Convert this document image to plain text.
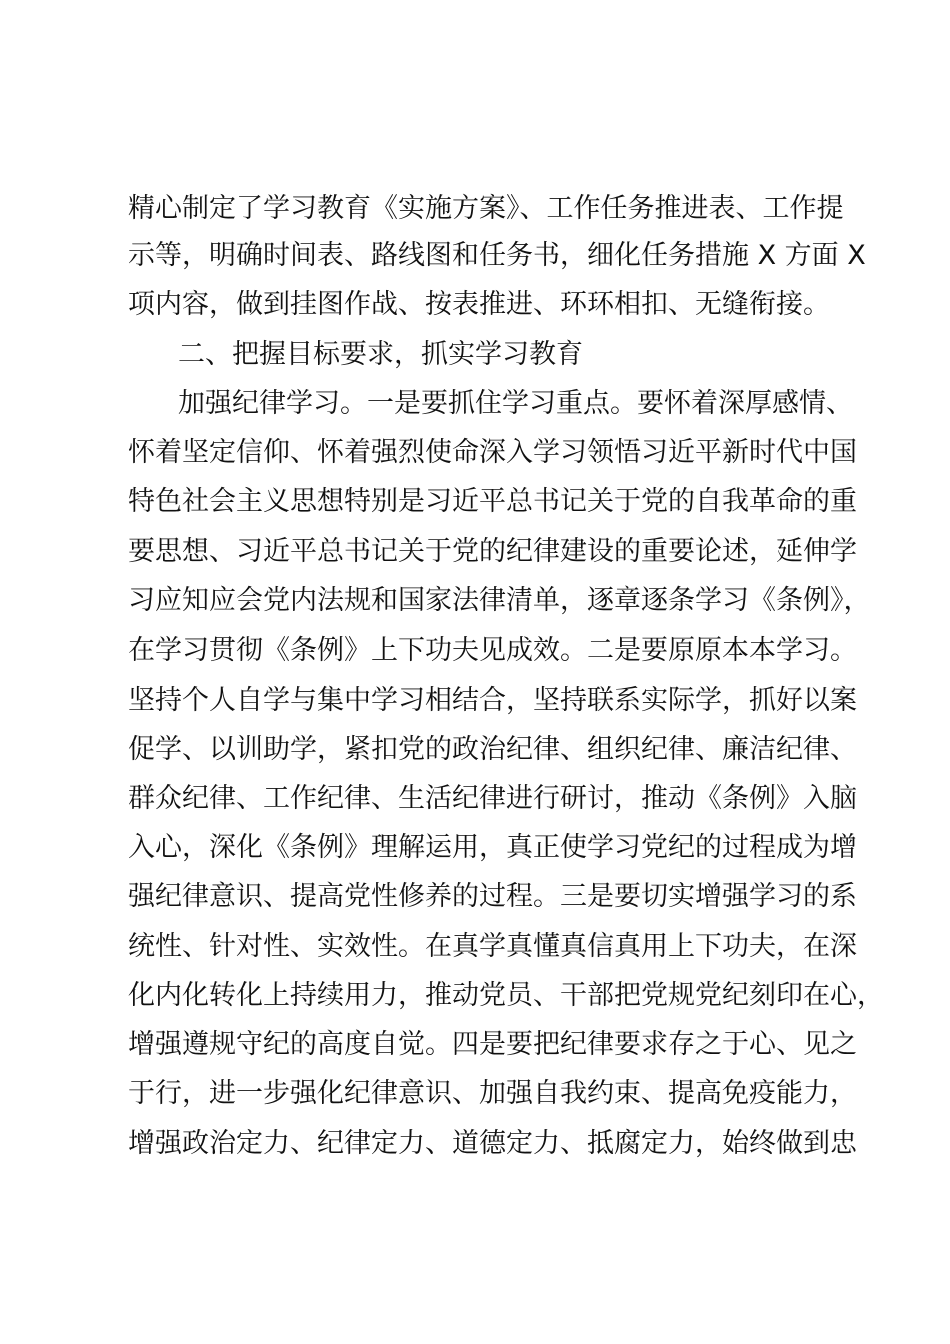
精心制定了学习教育《实施方案》、工作任务推进表、工作提
示等，明确时间表、路线图和任务书，细化任务措施 X 方面 X
项内容，做到挂图作战、按表推进、环环相扣、无缝衔接。
二、把握目标要求，抓实学习教育
加强纪律学习。一是要抓住学习重点。要怀着深厚感情、
怀着坚定信仰、怀着强烈使命深入学习领悟习近平新时代中国
特色社会主义思想特别是习近平总书记关于党的自我革命的重
要思想、习近平总书记关于党的纪律建设的重要论述，延伸学
习应知应会党内法规和国家法律清单，逐章逐条学习《条例》，
在学习贯彻《条例》上下功夫见成效。二是要原原本本学习。
坚持个人自学与集中学习相结合，坚持联系实际学，抓好以案
促学、以训助学，紧扣党的政治纪律、组织纪律、廉洁纪律、
群众纪律、工作纪律、生活纪律进行研讨，推动《条例》入脑
入心，深化《条例》理解运用，真正使学习党纪的过程成为增
强纪律意识、提高党性修养的过程。三是要切实增强学习的系
统性、针对性、实效性。在真学真懂真信真用上下功夫，在深
化内化转化上持续用力，推动党员、干部把党规党纪刻印在心，
增强遵规守纪的高度自觉。四是要把纪律要求存之于心、见之
于行，进一步强化纪律意识、加强自我约束、提高免疫能力，
增强政治定力、纪律定力、道德定力、抵腐定力，始终做到忠
